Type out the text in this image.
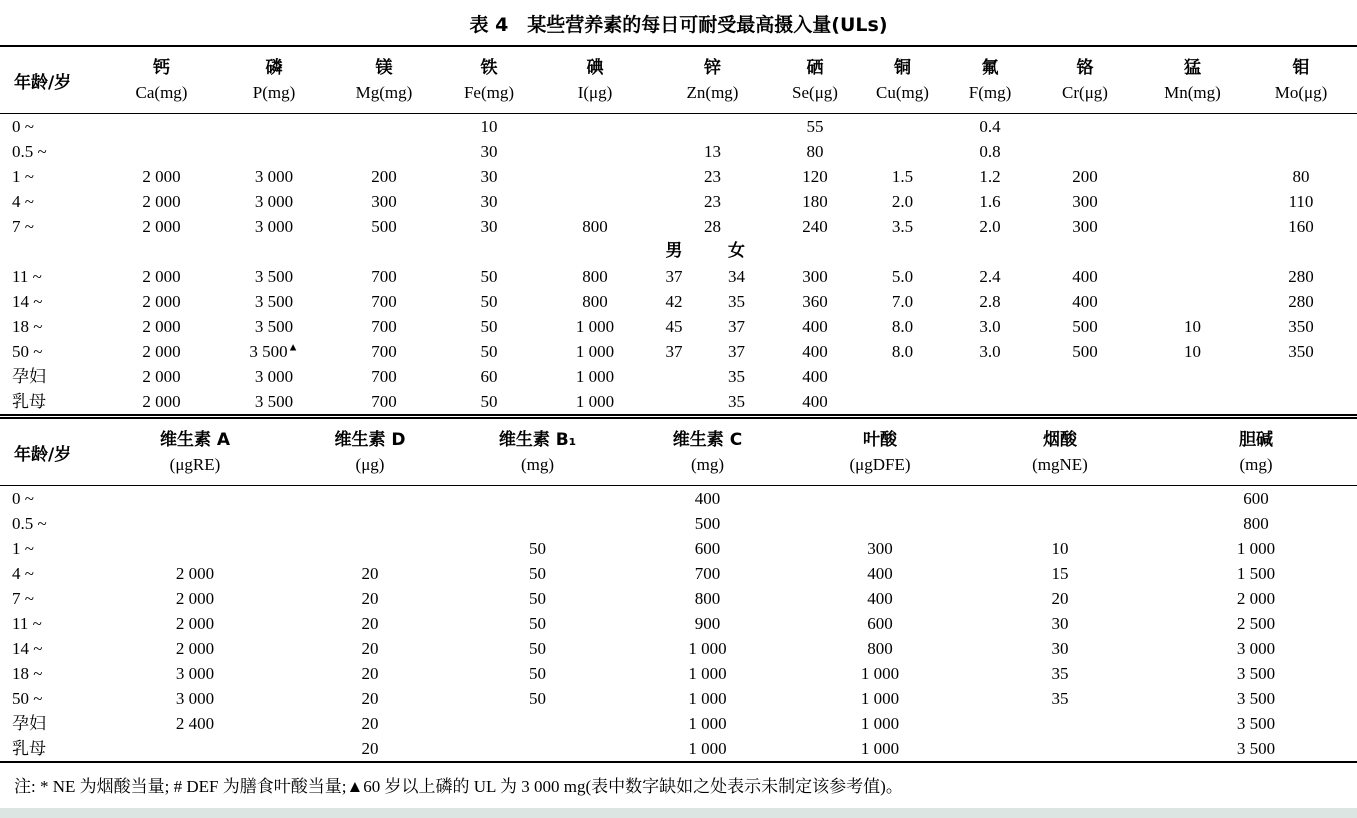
表 4　某些营养素的每日可耐受最高摄入量(ULs)
年龄/岁	钙	磷	镁	铁	碘	锌		硒	铜	氟	铬	猛	钼
	Ca(mg)	P(mg)	Mg(mg)	Fe(mg)	I(μg)	Zn(mg)		Se(μg)	Cu(mg)	F(mg)	Cr(μg)	Mn(mg)	Mo(μg)
0 ~				10				55		0.4			
0.5 ~				30		13		80		0.8			
1 ~	2 000	3 000	200	30		23		120	1.5	1.2	200		80
4 ~	2 000	3 000	300	30		23		180	2.0	1.6	300		110
7 ~	2 000	3 000	500	30	800	28		240	3.5	2.0	300		160
						男	女						
11 ~	2 000	3 500	700	50	800	37	34	300	5.0	2.4	400		280
14 ~	2 000	3 500	700	50	800	42	35	360	7.0	2.8	400		280
18 ~	2 000	3 500	700	50	1 000	45	37	400	8.0	3.0	500	10	350
50 ~	2 000	3 500▲	700	50	1 000	37	37	400	8.0	3.0	500	10	350
孕妇	2 000	3 000	700	60	1 000		35	400					
乳母	2 000	3 500	700	50	1 000		35	400					
年龄/岁	维生素 A	维生素 D	维生素 B₁	维生素 C	叶酸	烟酸	胆碱
	(μgRE)	(μg)	(mg)	(mg)	(μgDFE)	(mgNE)	(mg)
0 ~				400			600
0.5 ~				500			800
1 ~			50	600	300	10	1 000
4 ~	2 000	20	50	700	400	15	1 500
7 ~	2 000	20	50	800	400	20	2 000
11 ~	2 000	20	50	900	600	30	2 500
14 ~	2 000	20	50	1 000	800	30	3 000
18 ~	3 000	20	50	1 000	1 000	35	3 500
50 ~	3 000	20	50	1 000	1 000	35	3 500
孕妇	2 400	20		1 000	1 000		3 500
乳母		20		1 000	1 000		3 500
注: * NE 为烟酸当量; # DEF 为膳食叶酸当量;▲60 岁以上磷的 UL 为 3 000 mg(表中数字缺如之处表示未制定该参考值)。
